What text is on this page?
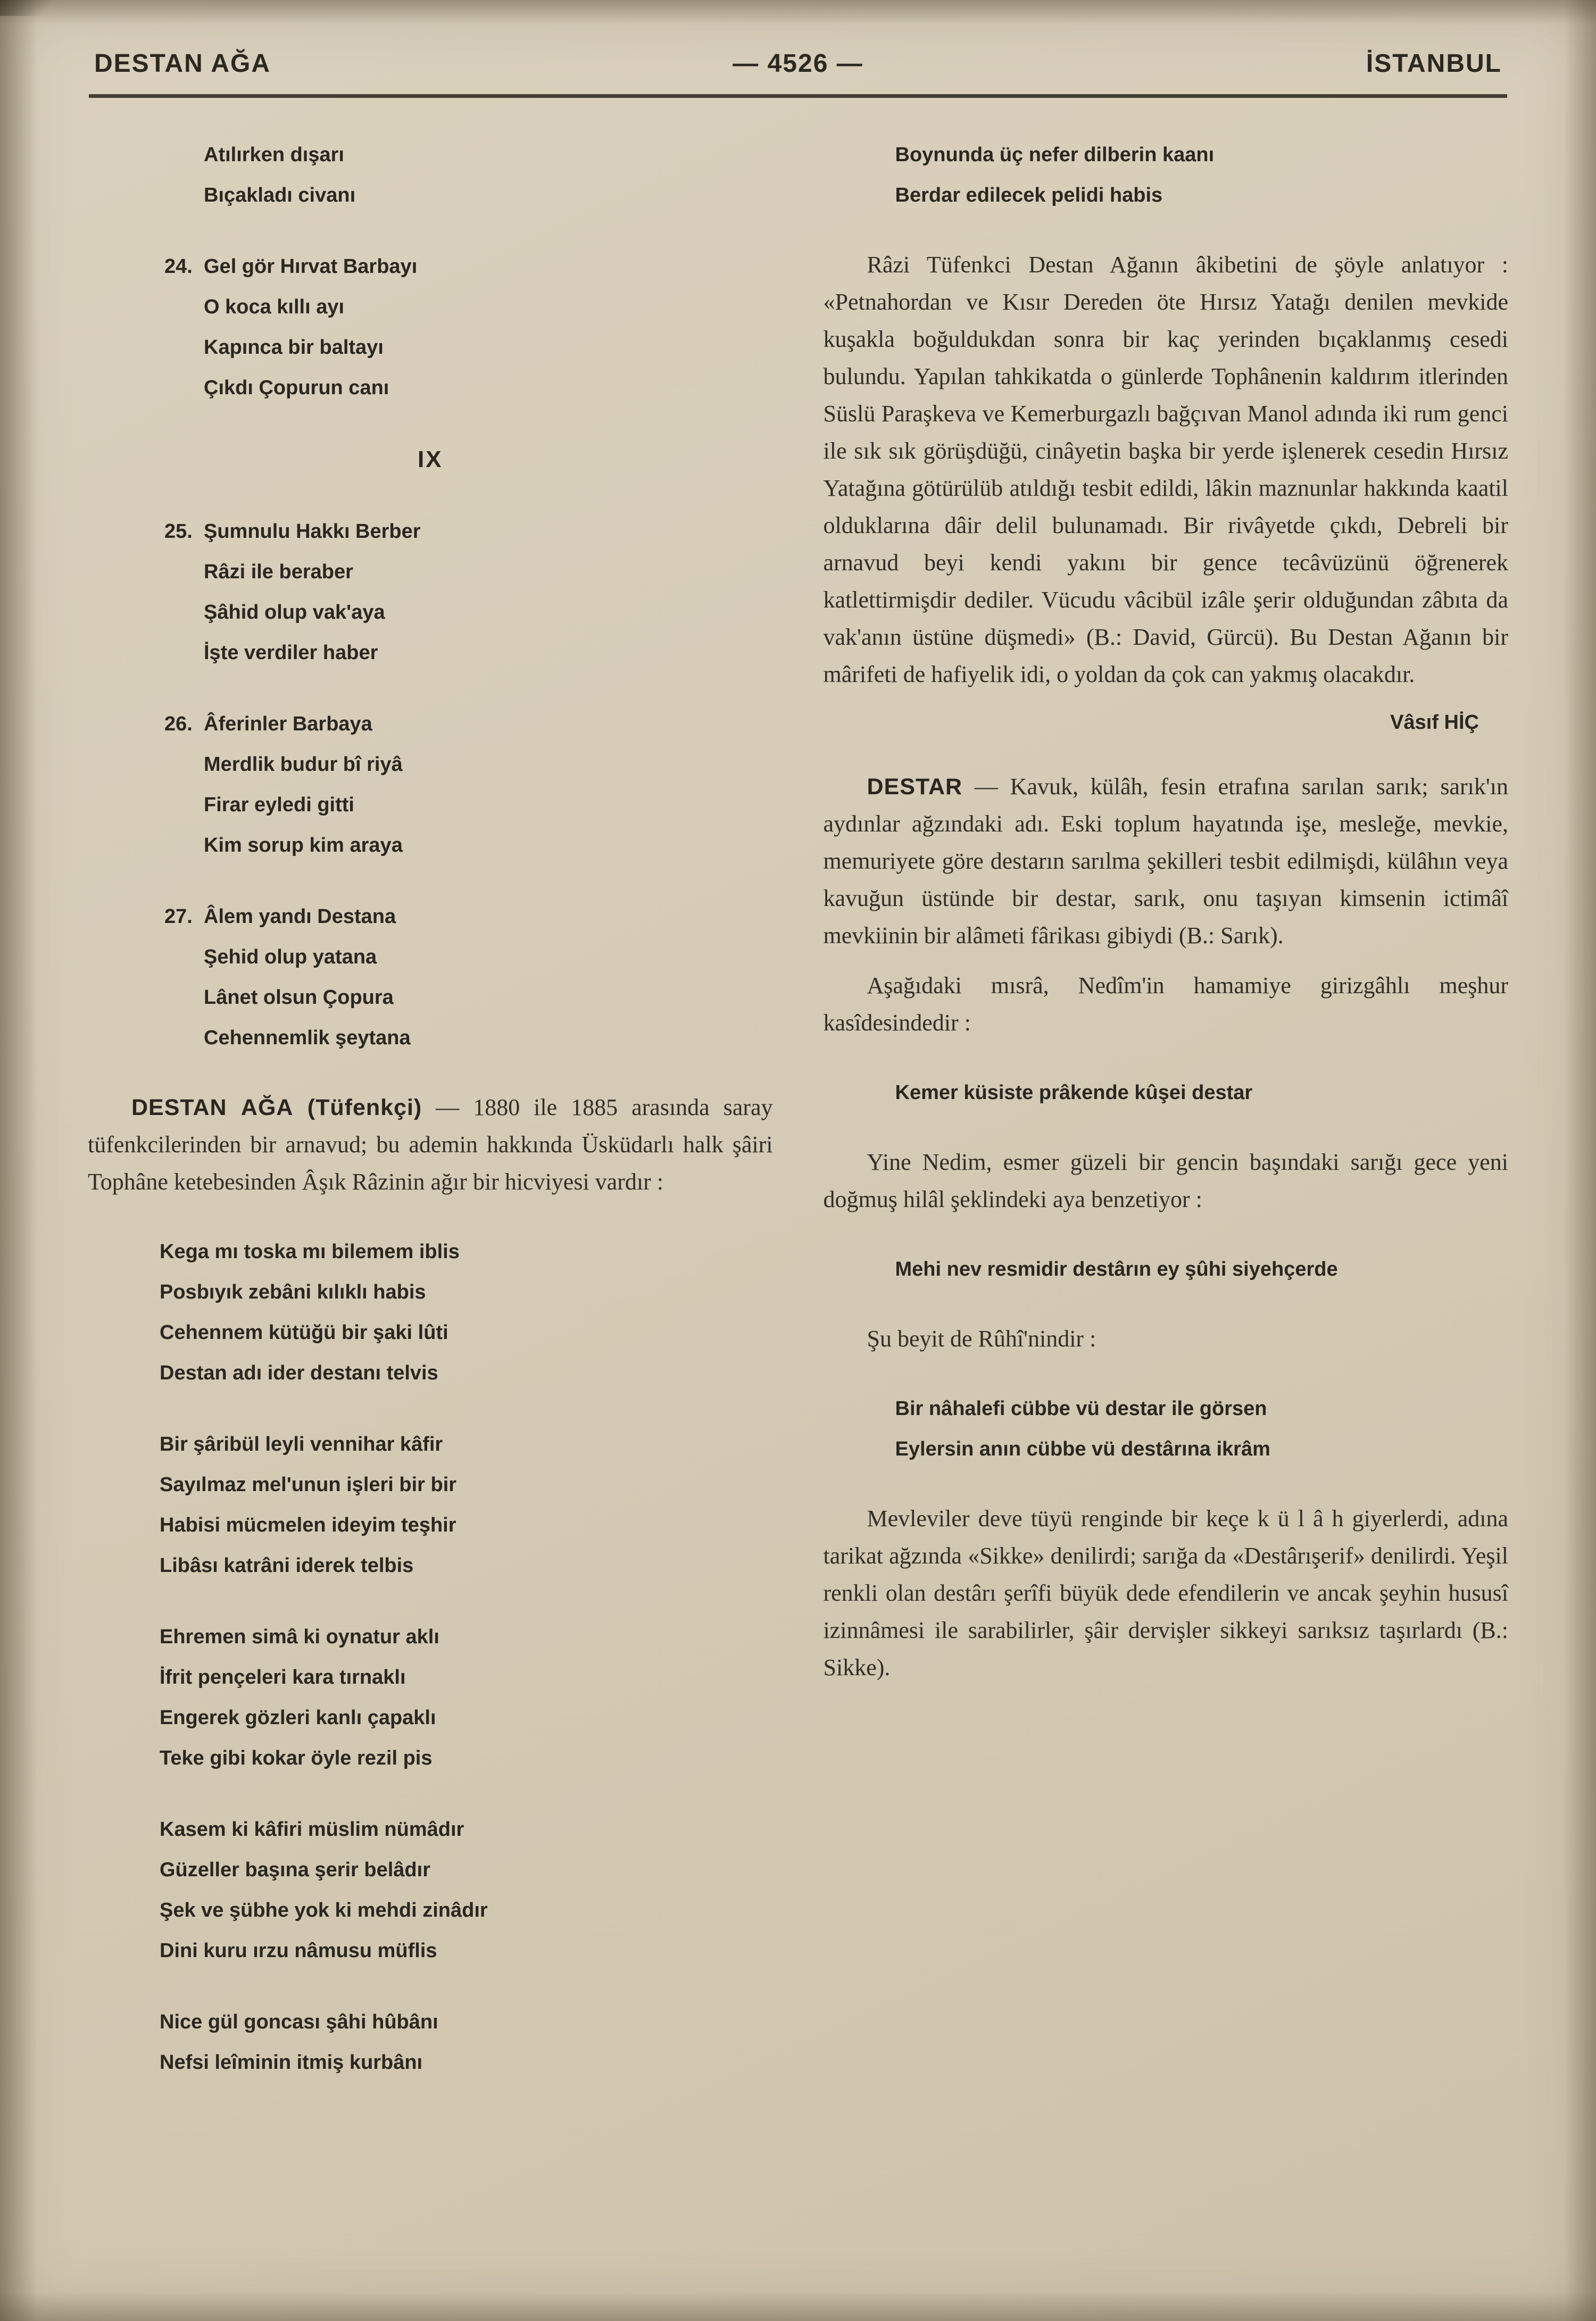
DESTAN AĞA	— 4526 —	İSTANBUL
Atılırken dışarı
Bıçakladı civanı
24. Gel gör Hırvat Barbayı
O koca kıllı ayı
Kapınca bir baltayı
Çıkdı Çopurun canı
IX
25. Şumnulu Hakkı Berber
Râzi ile beraber
Şâhid olup vak'aya
İşte verdiler haber
26. Âferinler Barbaya
Merdlik budur bî riyâ
Firar eyledi gitti
Kim sorup kim araya
27. Âlem yandı Destana
Şehid olup yatana
Lânet olsun Çopura
Cehennemlik şeytana

DESTAN AĞA (Tüfenkçi) — 1880 ile 1885 arasında saray tüfenkcilerinden bir arnavud; bu ademin hakkında Üsküdarlı halk şâiri Tophâne ketebesinden Âşık Râzinin ağır bir hicviyesi vardır :

Kega mı toska mı bilemem iblis
Posbıyık zebâni kılıklı habis
Cehennem kütüğü bir şaki lûti
Destan adı ider destanı telvis
Bir şâribül leyli vennihar kâfir
Sayılmaz mel'unun işleri bir bir
Habisi mücmelen ideyim teşhir
Libâsı katrâni iderek telbis
Ehremen simâ ki oynatur aklı
İfrit pençeleri kara tırnaklı
Engerek gözleri kanlı çapaklı
Teke gibi kokar öyle rezil pis
Kasem ki kâfiri müslim nümâdır
Güzeller başına şerir belâdır
Şek ve şübhe yok ki mehdi zinâdır
Dini kuru ırzu nâmusu müflis
Nice gül goncası şâhi hûbânı
Nefsi leîminin itmiş kurbânı
Boynunda üç nefer dilberin kaanı
Berdar edilecek pelidi habis

Râzi Tüfenkci Destan Ağanın âkibetini de şöyle anlatıyor : «Petnahordan ve Kısır Dereden öte Hırsız Yatağı denilen mevkide kuşakla boğuldukdan sonra bir kaç yerinden bıçaklanmış cesedi bulundu. Yapılan tahkikatda o günlerde Tophânenin kaldırım itlerinden Süslü Paraşkeva ve Kemerburgazlı bağçıvan Manol adında iki rum genci ile sık sık görüşdüğü, cinâyetin başka bir yerde işlenerek cesedin Hırsız Yatağına götürülüb atıldığı tesbit edildi, lâkin maznunlar hakkında kaatil olduklarına dâir delil bulunamadı. Bir rivâyetde çıkdı, Debreli bir arnavud beyi kendi yakını bir gence tecâvüzünü öğrenerek katlettirmişdir dediler. Vücudu vâcibül izâle şerir olduğundan zâbıta da vak'anın üstüne düşmedi» (B.: David, Gürcü). Bu Destan Ağanın bir mârifeti de hafiyelik idi, o yoldan da çok can yakmış olacakdır.

Vâsıf HİÇ

DESTAR — Kavuk, külâh, fesin etrafına sarılan sarık; sarık'ın aydınlar ağzındaki adı. Eski toplum hayatında işe, mesleğe, mevkie, memuriyete göre destarın sarılma şekilleri tesbit edilmişdi, külâhın veya kavuğun üstünde bir destar, sarık, onu taşıyan kimsenin ictimâî mevkiinin bir alâmeti fârikası gibiydi (B.: Sarık).

Aşağıdaki mısrâ, Nedîm'in hamamiye girizgâhlı meşhur kasîdesindedir :

Kemer küsiste prâkende kûşei destar

Yine Nedim, esmer güzeli bir gencin başındaki sarığı gece yeni doğmuş hilâl şeklindeki aya benzetiyor :

Mehi nev resmidir destârın ey şûhi siyehçerde

Şu beyit de Rûhî'nindir :

Bir nâhalefi cübbe vü destar ile görsen
Eylersin anın cübbe vü destârına ikrâm

Mevleviler deve tüyü renginde bir keçe k ü l â h giyerlerdi, adına tarikat ağzında «Sikke» denilirdi; sarığa da «Destârışerif» denilirdi. Yeşil renkli olan destârı şerîfi büyük dede efendilerin ve ancak şeyhin hususî izinnâmesi ile sarabilirler, şâir dervişler sikkeyi sarıksız taşırlardı (B.: Sikke).
